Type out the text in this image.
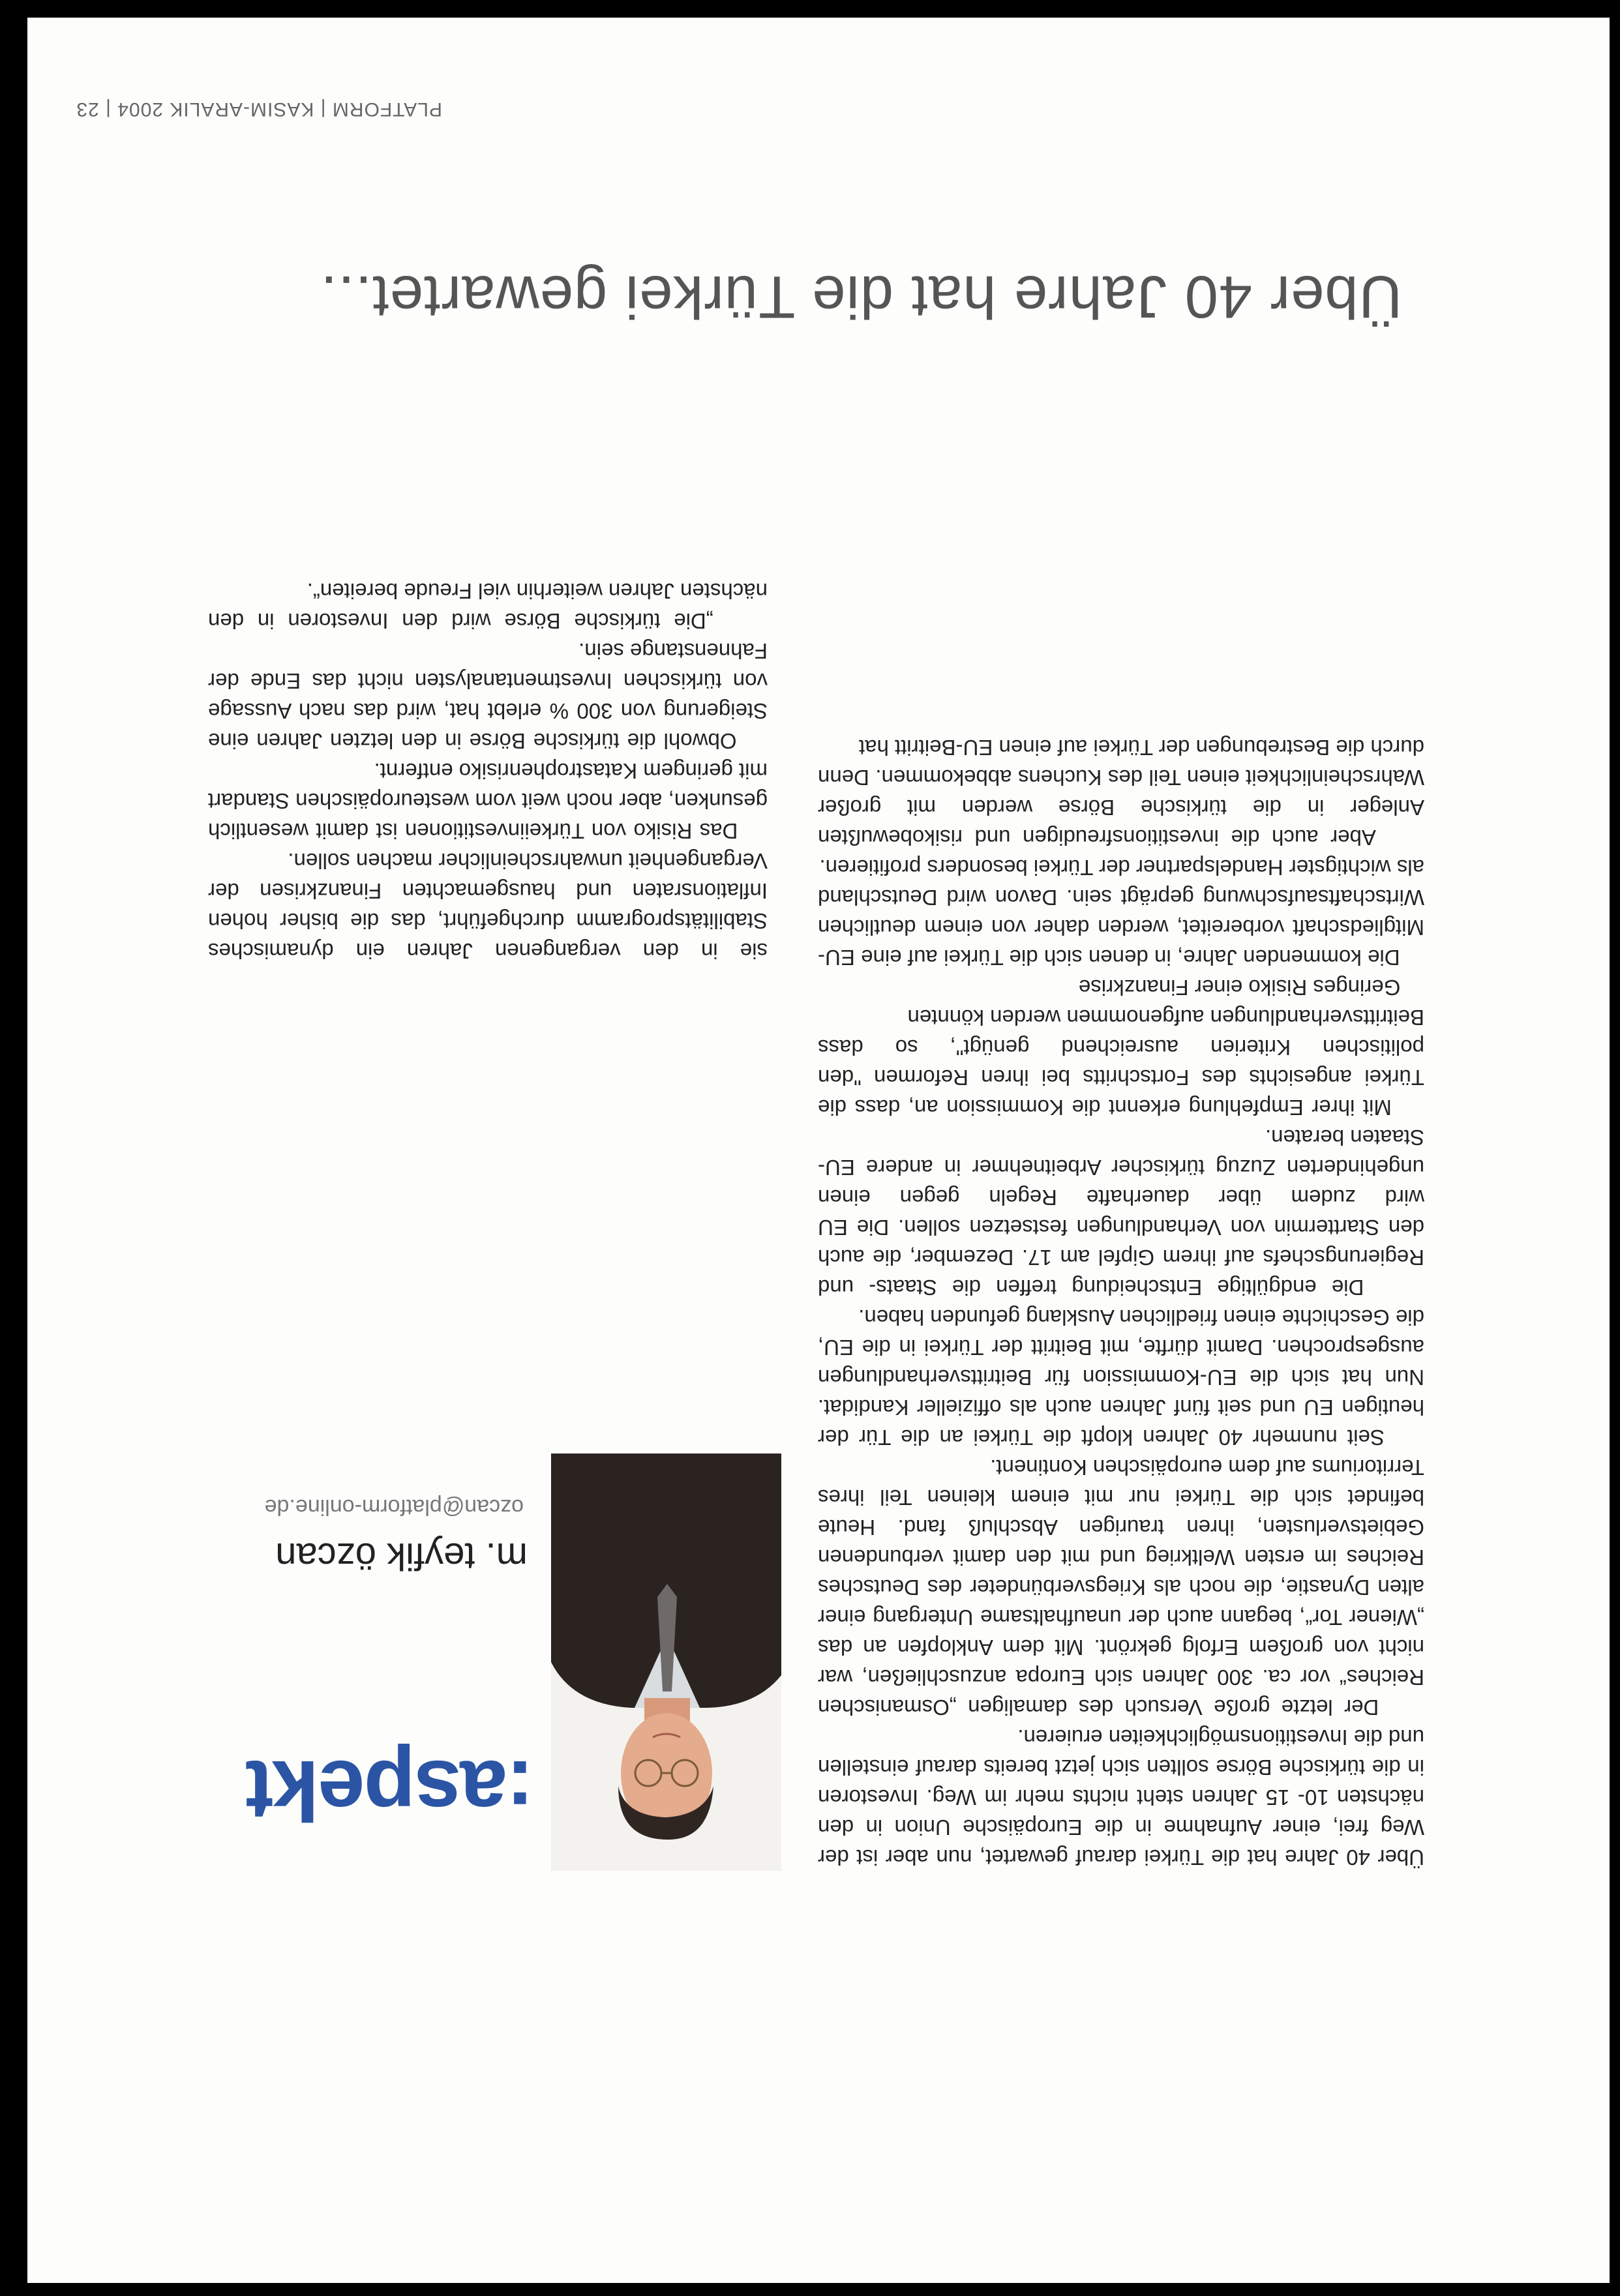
Über 40 Jahre hat die Türkei gewartet...
:aspekt
m. teyfik özcan
ozcan@platform-online.de
Über 40 Jahre hat die Türkei darauf gewartet, nun aber ist der Weg frei, einer Aufnahme in die Europäische Union in den nächsten 10- 15 Jahren steht nichts mehr im Weg. Investoren in die türkische Börse sollten sich jetzt bereits darauf einstellen und die Investitionsmöglichkeiten eruieren.
Der letzte große Versuch des damaligen „Osmanischen Reiches“ vor ca. 300 Jahren sich Europa anzuschließen, war nicht von großem Erfolg gekrönt. Mit dem Anklopfen an das „Wiener Tor“, begann auch der unaufhaltsame Untergang einer alten Dynastie, die noch als Kriegsverbündeter des Deutsches Reiches im ersten Weltkrieg und mit den damit verbundenen Gebietsverlusten, ihren traurigen Abschluß fand. Heute befindet sich die Türkei nur mit einem kleinen Teil ihres Territoriums auf dem europäischen Kontinent.
Seit nunmehr 40 Jahren klopft die Türkei an die Tür der heutigen EU und seit fünf Jahren auch als offizieller Kandidat. Nun hat sich die EU-Kommission für Beitrittsverhandlungen ausgesprochen. Damit dürfte, mit Beitritt der Türkei in die EU, die Geschichte einen friedlichen Ausklang gefunden haben.
Die endgültige Entscheidung treffen die Staats- und Regierungschefs auf ihrem Gipfel am 17. Dezember, die auch den Starttermin von Verhandlungen festsetzen sollen. Die EU wird zudem über dauerhafte Regeln gegen einen ungehinderten Zuzug türkischer Arbeitnehmer in andere EU-Staaten beraten.
Mit ihrer Empfehlung erkennt die Kommission an, dass die Türkei angesichts des Fortschritts bei ihren Reformen "den politischen Kriterien ausreichend genügt", so dass Beitrittsverhandlungen aufgenommen werden könnten
Geringes Risiko einer Finanzkrise
Die kommenden Jahre, in denen sich die Türkei auf eine EU-Mitgliedschaft vorbereitet, werden daher von einem deutlichen Wirtschaftsaufschwung geprägt sein. Davon wird Deutschland als wichtigster Handelspartner der Türkei besonders profitieren.
Aber auch die investitionsfreudigen und risikobewußten Anleger in die türkische Börse werden mit großer Wahrscheinlichkeit einen Teil des Kuchens abbekommen. Denn durch die Bestrebungen der Türkei auf einen EU-Beitritt hat
sie in den vergangenen Jahren ein dynamisches Stabilitätsprogramm durchgeführt, das die bisher hohen Inflationsraten und hausgemachten Finanzkrisen der Vergangenheit unwahrscheinlicher machen sollen.
Das Risiko von Türkeiinvestitionen ist damit wesentlich gesunken, aber noch weit vom westeuropäischen Standart mit geringem Katastrophenrisiko entfernt.
Obwohl die türkische Börse in den letzten Jahren eine Steigerung von 300 % erlebt hat, wird das nach Aussage von türkischen Investmentanalysten nicht das Ende der Fahnenstange sein.
„Die türkische Börse wird den Investoren in den nächsten Jahren weiterhin viel Freude bereiten“.
PLATFORM | KASIM-ARALIK 2004 | 23
